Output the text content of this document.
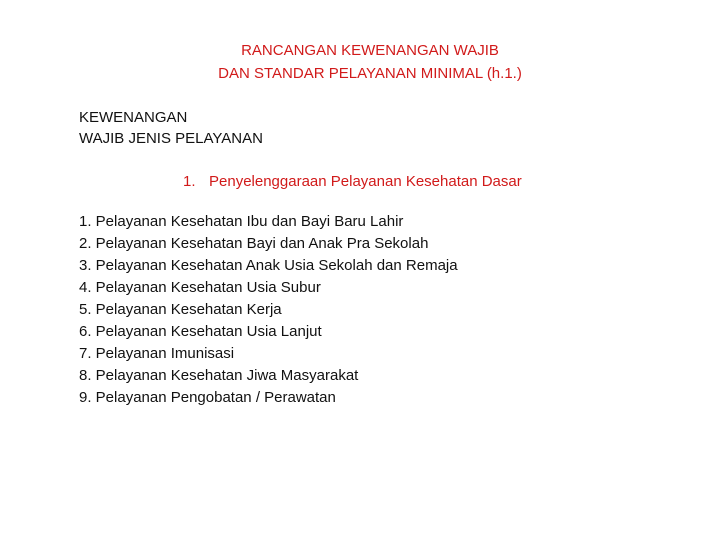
RANCANGAN KEWENANGAN WAJIB
DAN STANDAR PELAYANAN MINIMAL (h.1.)
KEWENANGAN
WAJIB JENIS PELAYANAN
1. Penyelenggaraan Pelayanan Kesehatan Dasar
1. Pelayanan Kesehatan Ibu dan Bayi Baru Lahir
2. Pelayanan Kesehatan Bayi dan Anak Pra Sekolah
3. Pelayanan Kesehatan Anak Usia Sekolah dan Remaja
4. Pelayanan Kesehatan Usia Subur
5. Pelayanan Kesehatan Kerja
6. Pelayanan Kesehatan Usia Lanjut
7. Pelayanan Imunisasi
8. Pelayanan Kesehatan Jiwa Masyarakat
9. Pelayanan Pengobatan / Perawatan
